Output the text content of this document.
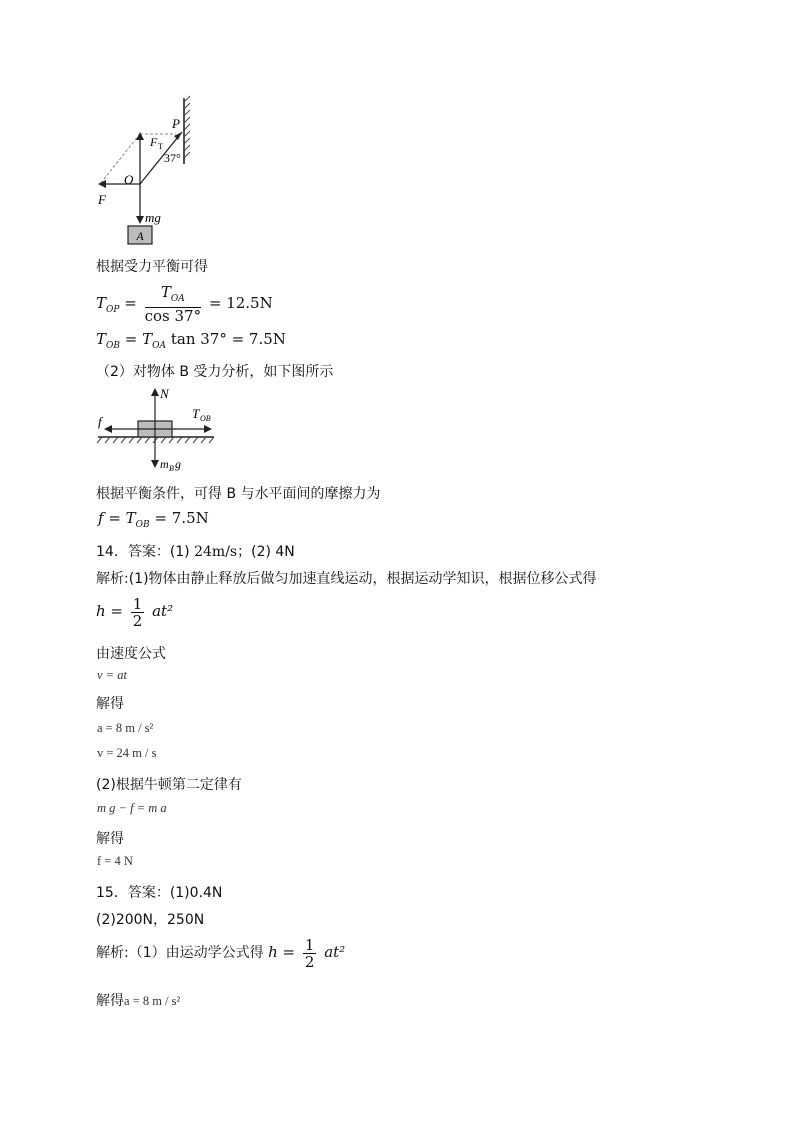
A
P
F T
37°
O
F
mg
根据受力平衡可得
$T_{OP} = \frac{T_{OA}}{\cos 37^\circ} = 12.5N$
$T_{OB} = T_{OA}$ tan 37° = 7.5N
（2）对物体 B 受力分析，如下图所示
N
f
T OB
m B g
根据平衡条件，可得 B 与水平面间的摩擦力为
$f = T_{OB} = 7.5N$
14．答案：(1) 24m/s；(2) 4N
解析:(1)物体由静止释放后做匀加速直线运动，根据运动学知识，根据位移公式得
$h = \frac{1}{2} at^2$
由速度公式
v = at
解得
a = 8 m / s²
v = 24 m / s
(2)根据牛顿第二定律有
m g − f = m a
解得
f = 4 N
15．答案：(1)0.4N
(2)200N，250N
解析:（1）由运动学公式得 $h = \frac{1}{2} at^2$
解得a = 8 m / s²
